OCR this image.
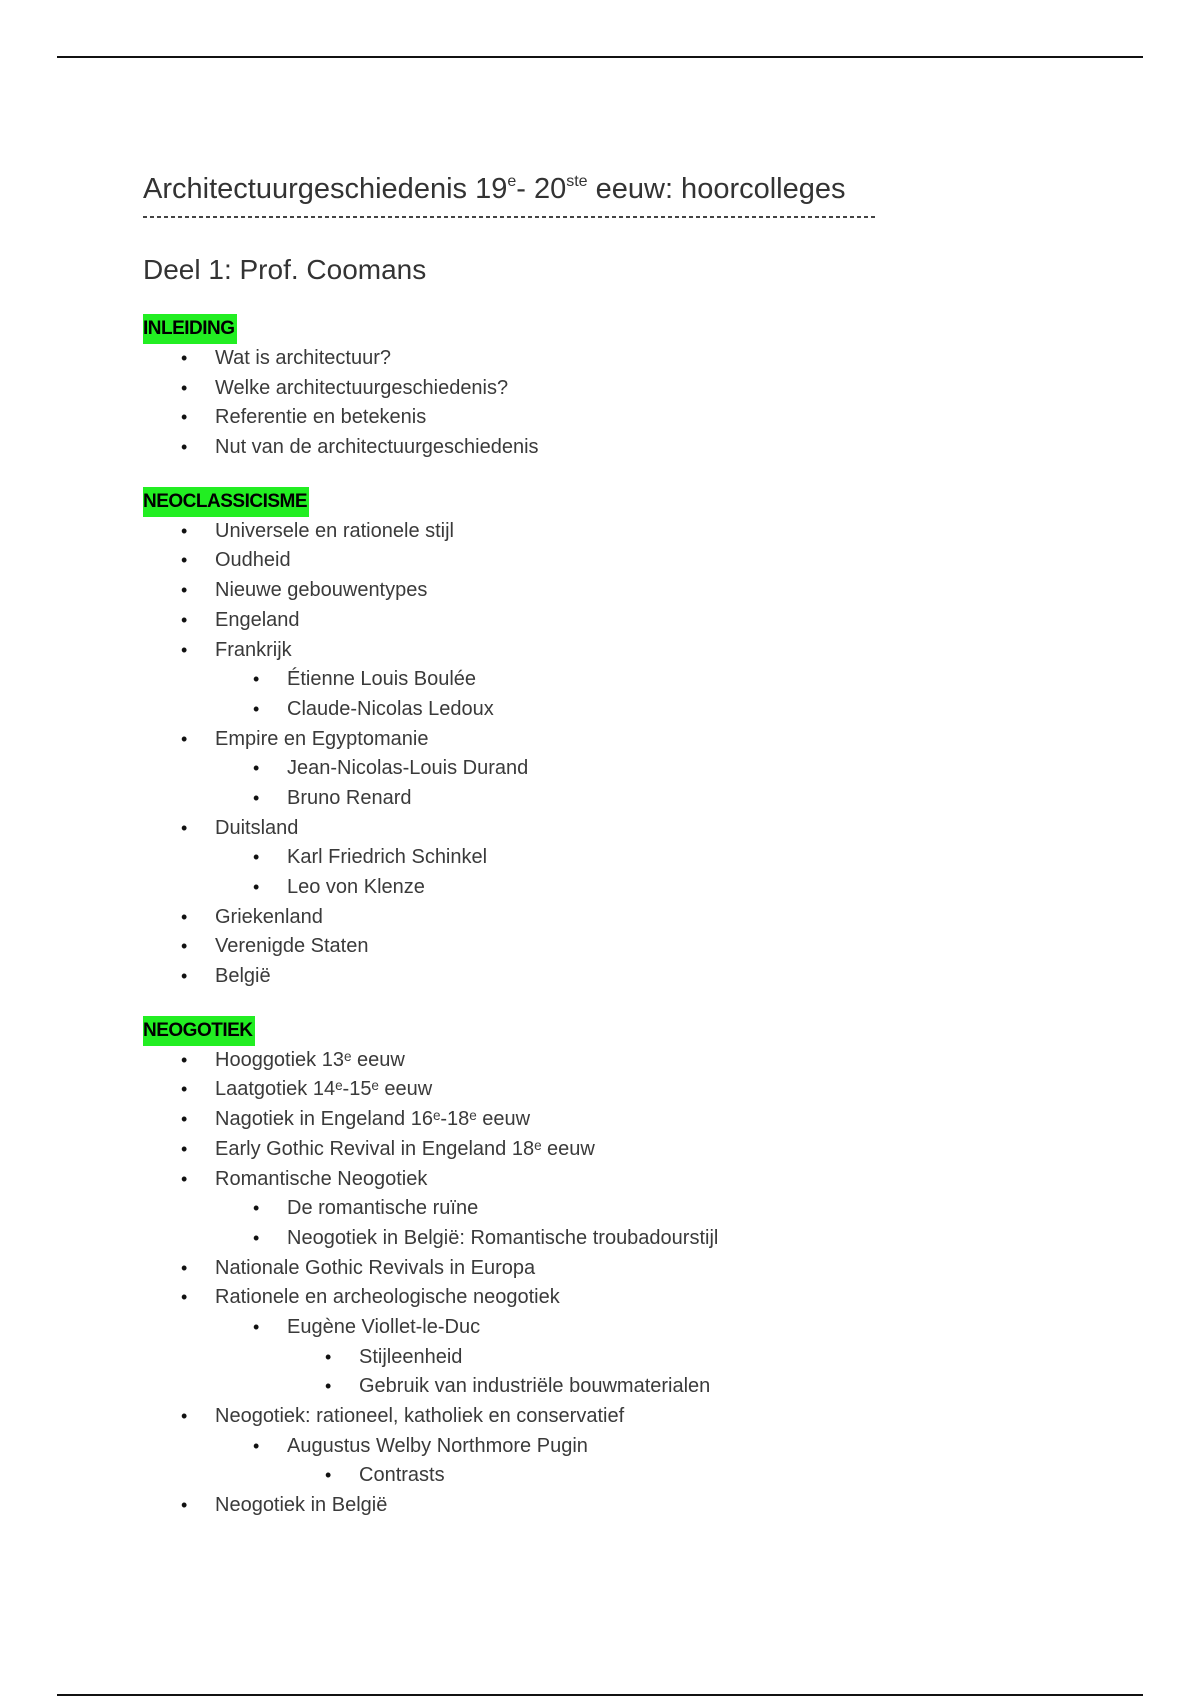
Architectuurgeschiedenis 19e- 20ste eeuw: hoorcolleges
Deel 1: Prof. Coomans
INLEIDING
• Wat is architectuur?
• Welke architectuurgeschiedenis?
• Referentie en betekenis
• Nut van de architectuurgeschiedenis
NEOCLASSICISME
• Universele en rationele stijl
• Oudheid
• Nieuwe gebouwentypes
• Engeland
• Frankrijk
• Étienne Louis Boulée
• Claude-Nicolas Ledoux
• Empire en Egyptomanie
• Jean-Nicolas-Louis Durand
• Bruno Renard
• Duitsland
• Karl Friedrich Schinkel
• Leo von Klenze
• Griekenland
• Verenigde Staten
• België
NEOGOTIEK
• Hooggotiek 13ᵉ eeuw
• Laatgotiek 14ᵉ-15ᵉ eeuw
• Nagotiek in Engeland 16ᵉ-18ᵉ eeuw
• Early Gothic Revival in Engeland 18ᵉ eeuw
• Romantische Neogotiek
• De romantische ruïne
• Neogotiek in België: Romantische troubadourstijl
• Nationale Gothic Revivals in Europa
• Rationele en archeologische neogotiek
• Eugène Viollet-le-Duc
• Stijleenheid
• Gebruik van industriële bouwmaterialen
• Neogotiek: rationeel, katholiek en conservatief
• Augustus Welby Northmore Pugin
• Contrasts
• Neogotiek in België
